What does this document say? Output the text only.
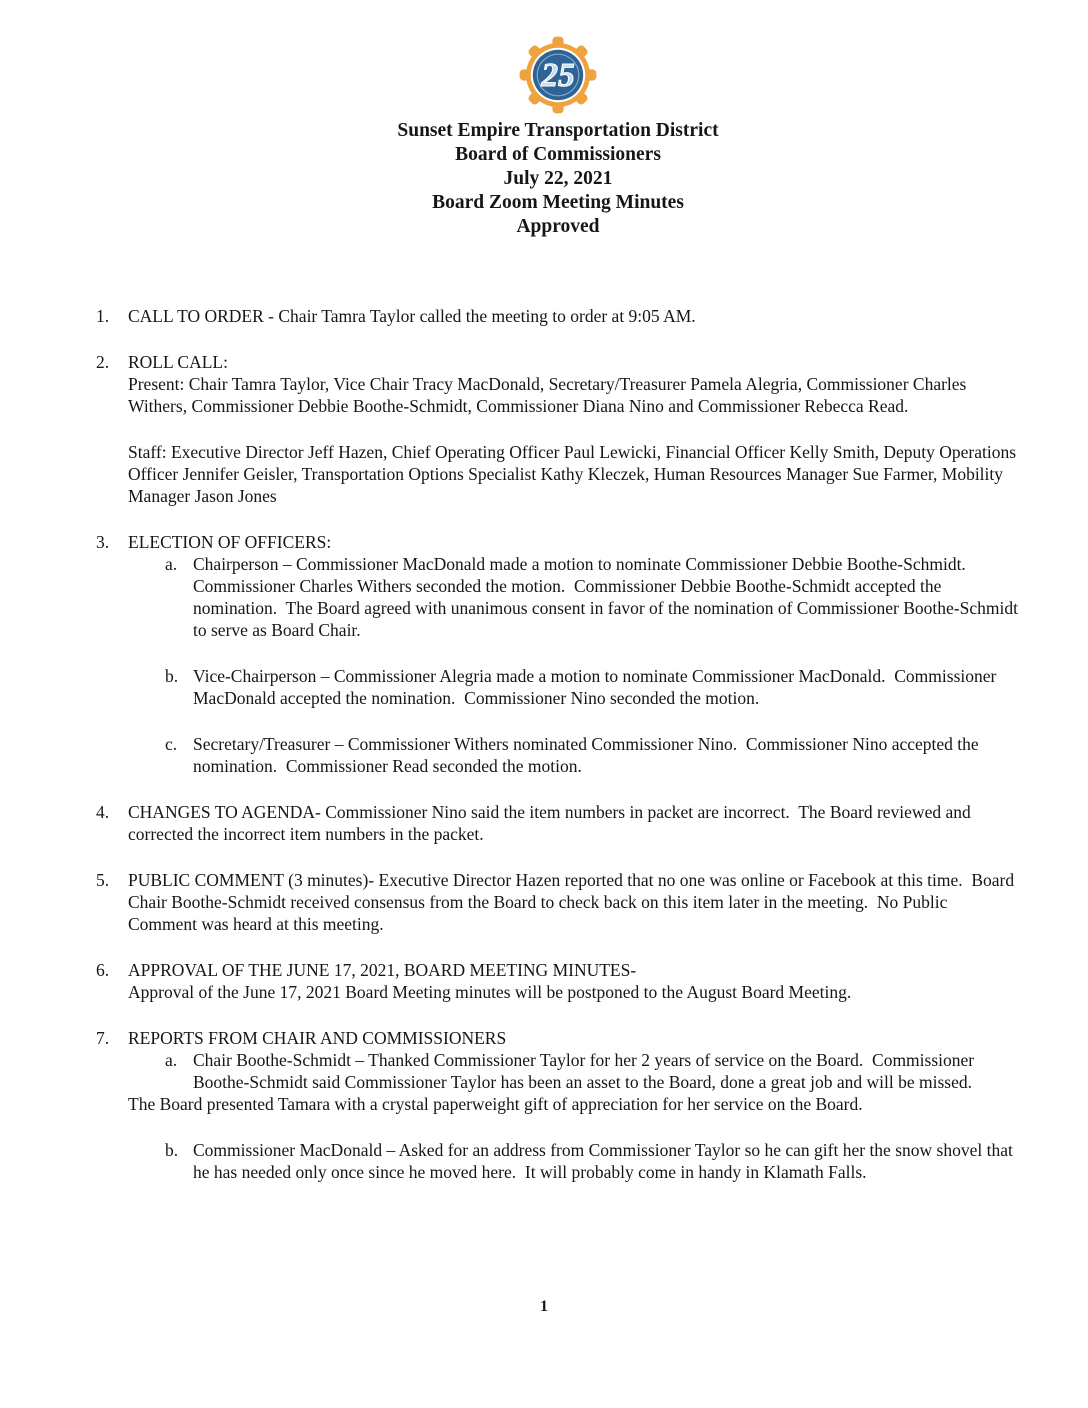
25
Sunset Empire Transportation District
Board of Commissioners
July 22, 2021
Board Zoom Meeting Minutes
Approved
1.	CALL TO ORDER - Chair Tamra Taylor called the meeting to order at 9:05 AM.

2.	ROLL CALL:

Present: Chair Tamra Taylor, Vice Chair Tracy MacDonald, Secretary/Treasurer Pamela Alegria, Commissioner Charles Withers, Commissioner Debbie Boothe-Schmidt, Commissioner Diana Nino and Commissioner Rebecca Read.

Staff: Executive Director Jeff Hazen, Chief Operating Officer Paul Lewicki, Financial Officer Kelly Smith, Deputy Operations Officer Jennifer Geisler, Transportation Options Specialist Kathy Kleczek, Human Resources Manager Sue Farmer, Mobility Manager Jason Jones

3.	ELECTION OF OFFICERS:

a. Chairperson – Commissioner MacDonald made a motion to nominate Commissioner Debbie Boothe-Schmidt.  Commissioner Charles Withers seconded the motion.  Commissioner Debbie Boothe-Schmidt accepted the nomination.  The Board agreed with unanimous consent in favor of the nomination of Commissioner Boothe-Schmidt to serve as Board Chair.

b. Vice-Chairperson – Commissioner Alegria made a motion to nominate Commissioner MacDonald.  Commissioner MacDonald accepted the nomination.  Commissioner Nino seconded the motion.

c. Secretary/Treasurer – Commissioner Withers nominated Commissioner Nino.  Commissioner Nino accepted the nomination.  Commissioner Read seconded the motion.

4.	CHANGES TO AGENDA- Commissioner Nino said the item numbers in packet are incorrect.  The Board reviewed and corrected the incorrect item numbers in the packet.

5.	PUBLIC COMMENT (3 minutes)- Executive Director Hazen reported that no one was online or Facebook at this time.  Board Chair Boothe-Schmidt received consensus from the Board to check back on this item later in the meeting.  No Public Comment was heard at this meeting.

6.	APPROVAL OF THE JUNE 17, 2021, BOARD MEETING MINUTES-

Approval of the June 17, 2021 Board Meeting minutes will be postponed to the August Board Meeting.

7.	REPORTS FROM CHAIR AND COMMISSIONERS

a. Chair Boothe-Schmidt – Thanked Commissioner Taylor for her 2 years of service on the Board.  Commissioner Boothe-Schmidt said Commissioner Taylor has been an asset to the Board, done a great job and will be missed.

The Board presented Tamara with a crystal paperweight gift of appreciation for her service on the Board.

b. Commissioner MacDonald – Asked for an address from Commissioner Taylor so he can gift her the snow shovel that he has needed only once since he moved here.  It will probably come in handy in Klamath Falls.

1
